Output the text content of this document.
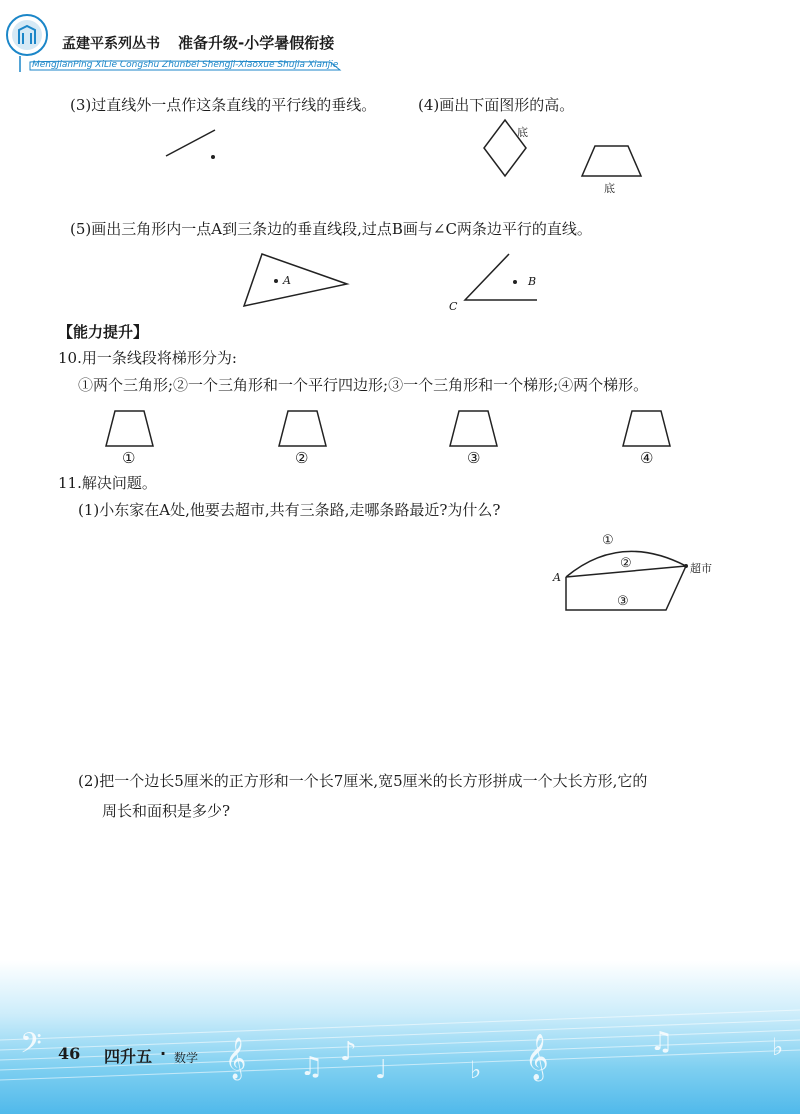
孟建平系列丛书 准备升级-小学暑假衔接
MengJianPing XiLie Congshu Zhunbei Shengji-Xiaoxue Shujia Xianjie
(3)过直线外一点作这条直线的平行线的垂线。	(4)画出下面图形的高。
底
底
(5)画出三角形内一点A到三条边的垂直线段,过点B画与∠C两条边平行的直线。
A	B
C
【能力提升】
10.用一条线段将梯形分为:
①两个三角形;②一个三角形和一个平行四边形;③一个三角形和一个梯形;④两个梯形。
①	②	③	④
11.解决问题。
(1)小东家在A处,他要去超市,共有三条路,走哪条路最近?为什么?
A
超市
①
②
③
(2)把一个边长5厘米的正方形和一个长7厘米,宽5厘米的长方形拼成一个大长方形,它的
周长和面积是多少?
𝄢	𝄞 ♫ ♪
♩	♭ 𝄞	♫	♭
46 四升五 · 数学
